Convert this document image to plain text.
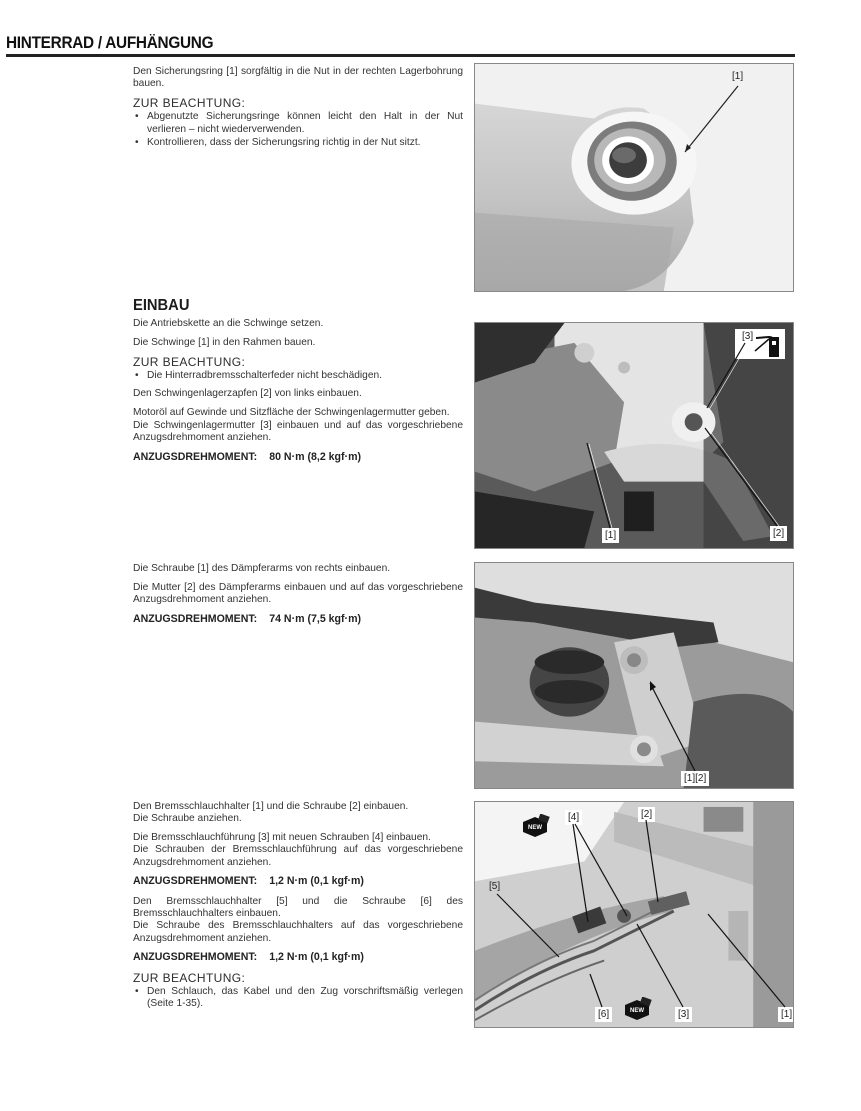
HINTERRAD / AUFHÄNGUNG

Den Sicherungsring [1] sorgfältig in die Nut in der rechten Lagerbohrung bauen.

ZUR BEACHTUNG:
• Abgenutzte Sicherungsringe können leicht den Halt in der Nut verlieren – nicht wiederverwenden.
• Kontrollieren, dass der Sicherungsring richtig in der Nut sitzt.
EINBAU

Die Antriebskette an die Schwinge setzen.

Die Schwinge [1] in den Rahmen bauen.

ZUR BEACHTUNG:
• Die Hinterradbremsschalterfeder nicht beschädigen.

Den Schwingenlagerzapfen [2] von links einbauen.

Motoröl auf Gewinde und Sitzfläche der Schwingenlagermutter geben.

Die Schwingenlagermutter [3] einbauen und auf das vorgeschriebene Anzugsdrehmoment anziehen.

ANZUGSDREHMOMENT: 80 N·m (8,2 kgf·m)

Die Schraube [1] des Dämpferarms von rechts einbauen.

Die Mutter [2] des Dämpferarms einbauen und auf das vorgeschriebene Anzugsdrehmoment anziehen.

ANZUGSDREHMOMENT: 74 N·m (7,5 kgf·m)

Den Bremsschlauchhalter [1] und die Schraube [2] einbauen.

Die Schraube anziehen.

Die Bremsschlauchführung [3] mit neuen Schrauben [4] einbauen.

Die Schrauben der Bremsschlauchführung auf das vorgeschriebene Anzugsdrehmoment anziehen.

ANZUGSDREHMOMENT: 1,2 N·m (0,1 kgf·m)

Den Bremsschlauchhalter [5] und die Schraube [6] des Bremsschlauchhalters einbauen.

Die Schraube des Bremsschlauchhalters auf das vorgeschriebene Anzugsdrehmoment anziehen.

ANZUGSDREHMOMENT: 1,2 N·m (0,1 kgf·m)
ZUR BEACHTUNG:
• Den Schlauch, das Kabel und den Zug vorschriftsmäßig verlegen (Seite 1-35).
[1]
[3]
[1]	[2]
[1][2]
NEW
NEW
[4]	[2]
[5]
[6]	[3]	[1]
